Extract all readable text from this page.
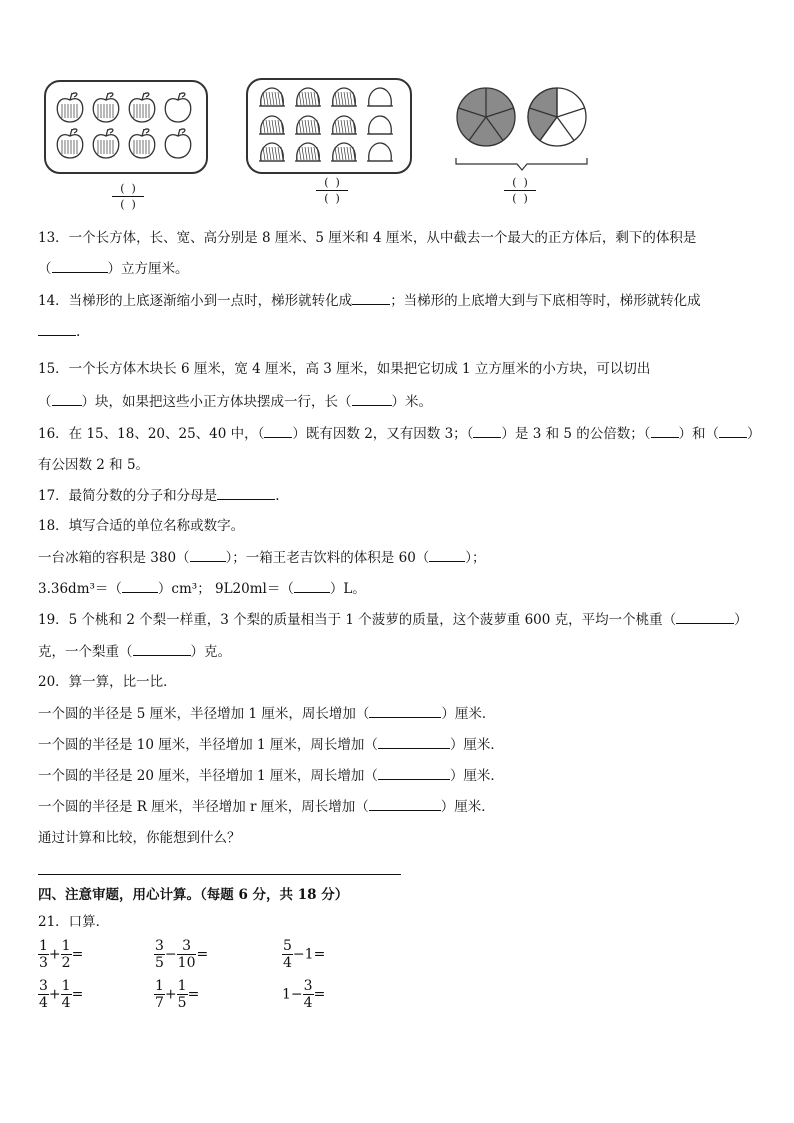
(  )
(  )
(  )
(  )
(  )
(  )
13．一个长方体，长、宽、高分别是 8 厘米、5 厘米和 4 厘米，从中截去一个最大的正方体后，剩下的体积是
（	）立方厘米。
14．当梯形的上底逐渐缩小到一点时，梯形就转化成	；当梯形的上底增大到与下底相等时，梯形就转化成
.
15．一个长方体木块长 6 厘米，宽 4 厘米，高 3 厘米，如果把它切成 1 立方厘米的小方块，可以切出
（ ）块，如果把这些小正方体块摆成一行，长（	）米。
16．在 15、18、20、25、40 中，（ ）既有因数 2，又有因数 3；（ ）是 3 和 5 的公倍数；（ ）和（ ）
有公因数 2 和 5。
17．最简分数的分子和分母是	.
18．填写合适的单位名称或数字。
一台冰箱的容积是 380（	）；一箱王老吉饮料的体积是 60（	）；
3.36dm³＝（	）cm³； 9L20ml＝（	）L。
19．5 个桃和 2 个梨一样重，3 个梨的质量相当于 1 个菠萝的质量，这个菠萝重 600 克，平均一个桃重（	）
克，一个梨重（	）克。
20．算一算，比一比．
一个圆的半径是 5 厘米，半径增加 1 厘米，周长增加（	）厘米．
一个圆的半径是 10 厘米，半径增加 1 厘米，周长增加（	）厘米．
一个圆的半径是 20 厘米，半径增加 1 厘米，周长增加（	）厘米．
一个圆的半径是 R 厘米，半径增加 r 厘米，周长增加（	）厘米．
通过计算和比较，你能想到什么？
四、注意审题，用心计算。（每题 6 分，共 18 分）
21．口算．
$\frac{1}{3} + \frac{1}{2}$ =	$\frac{3}{5} - \frac{3}{10}$ =	$\frac{5}{4} -1=$
$\frac{3}{4} + \frac{1}{4}$ =	$\frac{1}{7} + \frac{1}{5}$ =	$1- \frac{3}{4}$ =
